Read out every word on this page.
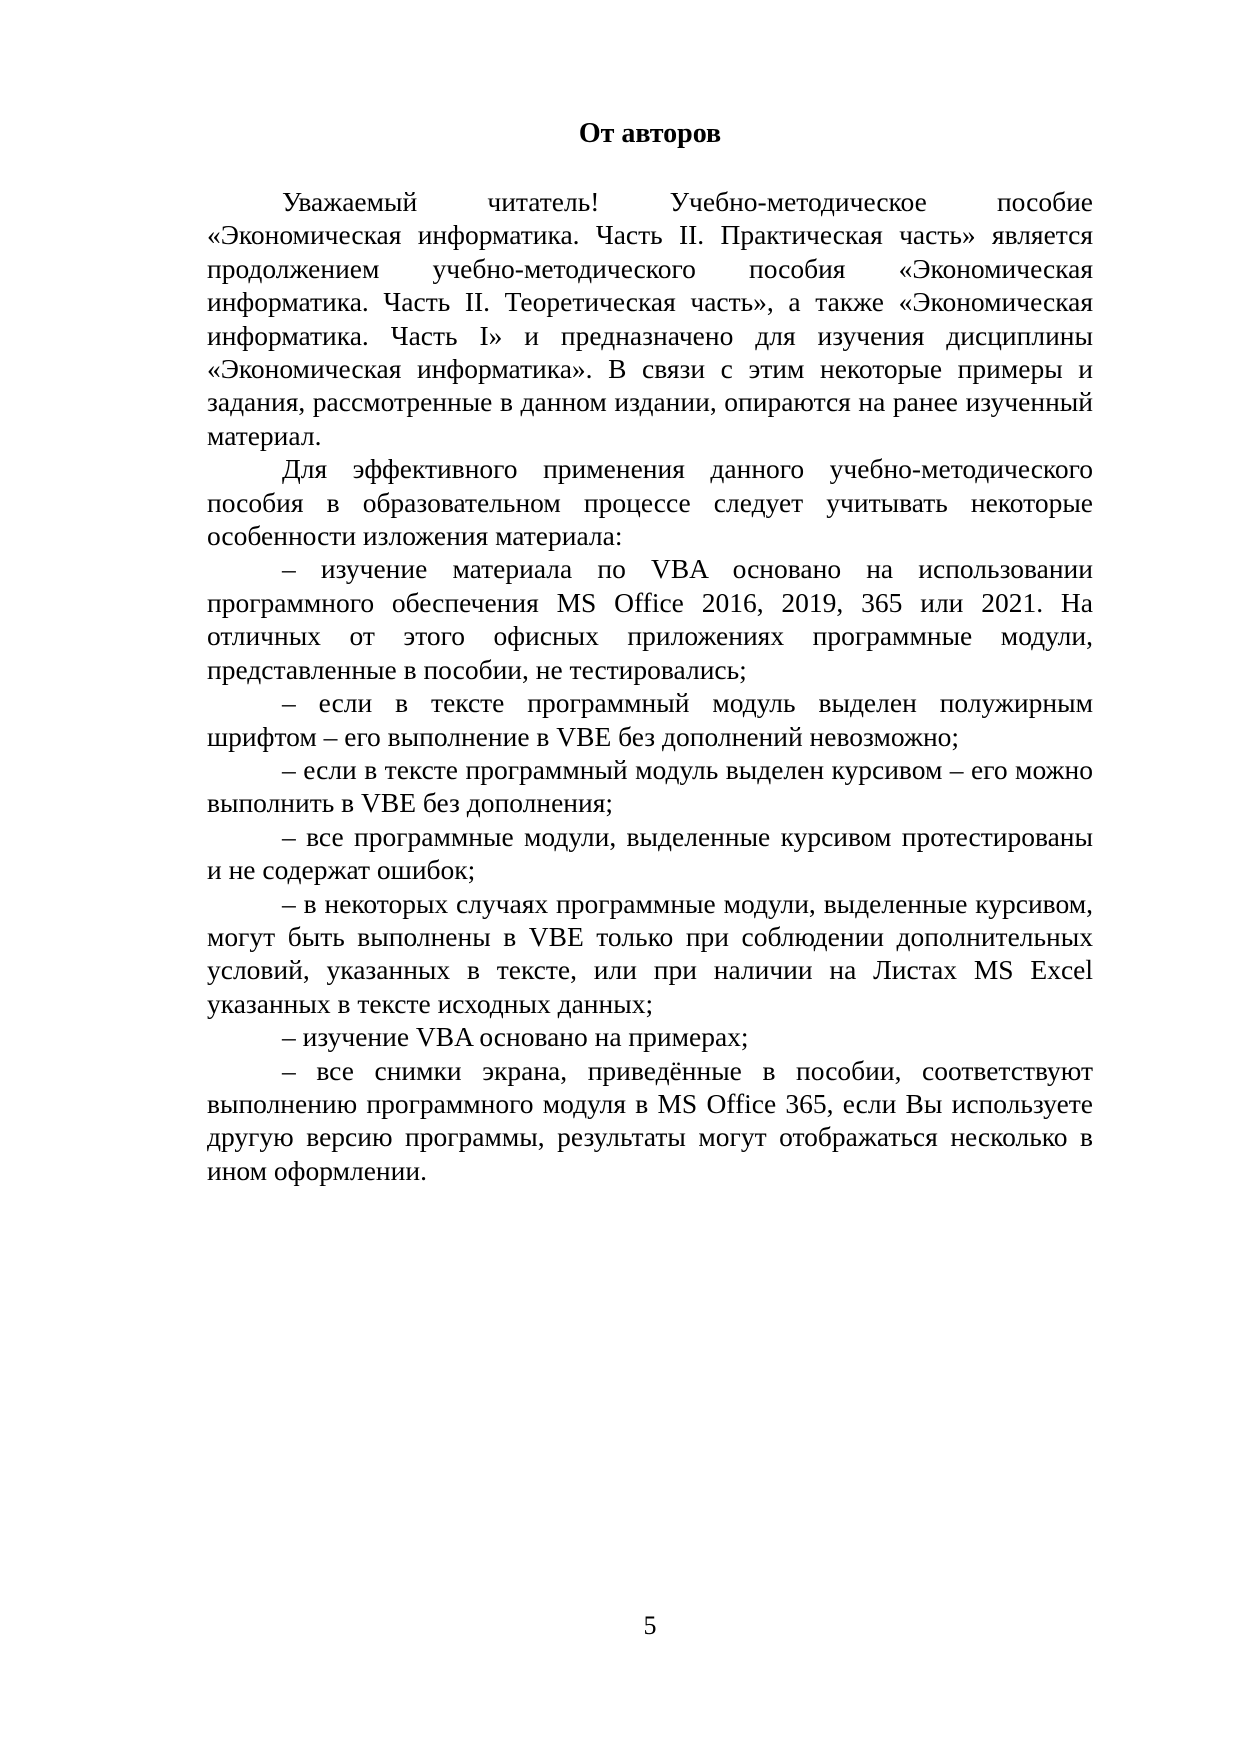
От авторов

Уважаемый читатель! Учебно-методическое пособие «Экономическая информатика. Часть II. Практическая часть» является продолжением учебно-методического пособия «Экономическая информатика. Часть II. Теоретическая часть», а также «Экономическая информатика. Часть I» и предназначено для изучения дисциплины «Экономическая информатика». В связи с этим некоторые примеры и задания, рассмотренные в данном издании, опираются на ранее изученный материал.

Для эффективного применения данного учебно-методического пособия в образовательном процессе следует учитывать некоторые особенности изложения материала:

– изучение материала по VBA основано на использовании программного обеспечения MS Office 2016, 2019, 365 или 2021. На отличных от этого офисных приложениях программные модули, представленные в пособии, не тестировались;

– если в тексте программный модуль выделен полужирным шрифтом – его выполнение в VBE без дополнений невозможно;

– если в тексте программный модуль выделен курсивом – его можно выполнить в VBE без дополнения;

– все программные модули, выделенные курсивом протестированы и не содержат ошибок;

– в некоторых случаях программные модули, выделенные курсивом, могут быть выполнены в VBE только при соблюдении дополнительных условий, указанных в тексте, или при наличии на Листах MS Excel указанных в тексте исходных данных;

– изучение VBA основано на примерах;

– все снимки экрана, приведённые в пособии, соответствуют выполнению программного модуля в MS Office 365, если Вы используете другую версию программы, результаты могут отображаться несколько в ином оформлении.

5
